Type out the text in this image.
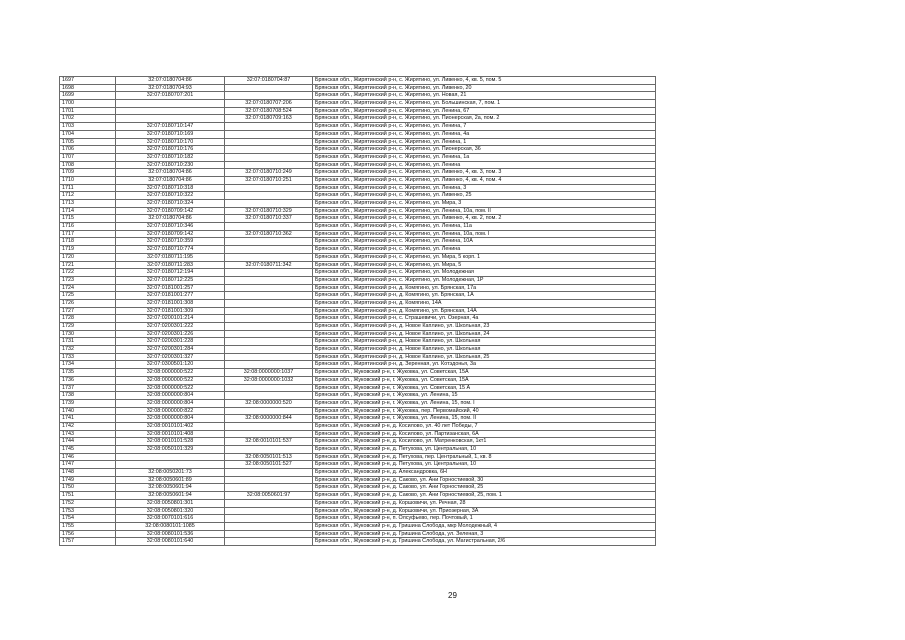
1697	32:07:0180704:86	32:07:0180704:87	Брянская обл., Жирятинский р-н, с. Жирятино, ул. Ливенко, 4, кв. 5, пом. 5	
1698	32:07:0180704:93		Брянская обл., Жирятинский р-н, с. Жирятино, ул. Ливенко, 20	
1699	32:07:0180707:201		Брянская обл., Жирятинский р-н, с. Жирятино, ул. Новая, 21	
1700		32:07:0180707:206	Брянская обл., Жирятинский р-н, с. Жирятино, ул. Большинская, 7, пом. 1	
1701		32:07:0180708:524	Брянская обл., Жирятинский р-н, с. Жирятино, ул. Ленина, 67	
1702		32:07:0180709:163	Брянская обл., Жирятинский р-н, с. Жирятино, ул. Пионерская, 2а, пом. 2	
1703	32:07:0180710:147		Брянская обл., Жирятинский р-н, с. Жирятино, ул. Ленина, 7	
1704	32:07:0180710:169		Брянская обл., Жирятинский р-н, с. Жирятино, ул. Ленина, 4а	
1705	32:07:0180710:170		Брянская обл., Жирятинский р-н, с. Жирятино, ул. Ленина, 1	
1706	32:07:0180710:176		Брянская обл., Жирятинский р-н, с. Жирятино, ул. Пионерская, 36	
1707	32:07:0180710:182		Брянская обл., Жирятинский р-н, с. Жирятино, ул. Ленина, 1а	
1708	32:07:0180710:230		Брянская обл., Жирятинский р-н, с. Жирятино, ул. Ленина	
1709	32:07:0180704:86	32:07:0180710:249	Брянская обл., Жирятинский р-н, с. Жирятино, ул. Ливенко, 4, кв. 3, пом. 3	
1710	32:07:0180704:86	32:07:0180710:251	Брянская обл., Жирятинский р-н, с. Жирятино, ул. Ливенко, 4, кв. 4, пом. 4	
1711	32:07:0180710:318		Брянская обл., Жирятинский р-н, с. Жирятино, ул. Ленина, 3	
1712	32:07:0180710:322		Брянская обл., Жирятинский р-н, с. Жирятино, ул. Ливенко, 25	
1713	32:07:0180710:324		Брянская обл., Жирятинский р-н, с. Жирятино, ул. Мира, 3	
1714	32:07:0180709:142	32:07:0180710:329	Брянская обл., Жирятинский р-н, с. Жирятино, ул. Ленина, 10а, пом. II	
1715	32:07:0180704:86	32:07:0180710:337	Брянская обл., Жирятинский р-н, с. Жирятино, ул. Ливенко, 4, кв. 2, пом. 2	
1716	32:07:0180710:346		Брянская обл., Жирятинский р-н, с. Жирятино, ул. Ленина, 11а	
1717	32:07:0180709:142	32:07:0180710:362	Брянская обл., Жирятинский р-н, с. Жирятино, ул. Ленина, 10а, пом. I	
1718	32:07:0180710:359		Брянская обл., Жирятинский р-н, с. Жирятино, ул. Ленина, 10А	
1719	32:07:0180710:774		Брянская обл., Жирятинский р-н, с. Жирятино, ул. Ленина	
1720	32:07:0180711:195		Брянская обл., Жирятинский р-н, с. Жирятино, ул. Мира, 5 корп. 1	
1721	32:07:0180711:283	32:07:0180711:342	Брянская обл., Жирятинский р-н, с. Жирятино, ул. Мира, 5	
1722	32:07:0180712:194		Брянская обл., Жирятинский р-н, с. Жирятино, ул. Молодежная	
1723	32:07:0180712:225		Брянская обл., Жирятинский р-н, с. Жирятино, ул. Молодежная, 1Р	
1724	32:07:0181001:257		Брянская обл., Жирятинский р-н, д. Комягино, ул. Брянская, 17а	
1725	32:07:0181001:277		Брянская обл., Жирятинский р-н, д. Комягино, ул. Брянская, 1А	
1726	32:07:0181001:308		Брянская обл., Жирятинский р-н, д. Комягино, 14А	
1727	32:07:0181001:309		Брянская обл., Жирятинский р-н, д. Комягино, ул. Брянская, 14А	
1728	32:07:0200101:214		Брянская обл., Жирятинский р-н, с. Страшевичи, ул. Озерная, 4а	
1729	32:07:0200301:222		Брянская обл., Жирятинский р-н, д. Новое Каплино, ул. Школьная, 23	
1730	32:07:0200301:226		Брянская обл., Жирятинский р-н, д. Новое Каплино, ул. Школьная, 24	
1731	32:07:0200301:228		Брянская обл., Жирятинский р-н, д. Новое Каплино, ул. Школьная	
1732	32:07:0200301:284		Брянская обл., Жирятинский р-н, д. Новое Каплино, ул. Школьная	
1733	32:07:0200301:327		Брянская обл., Жирятинский р-н, д. Новое Каплино, ул. Школьная, 25	
1734	32:07:0300501:120		Брянская обл., Жирятинский р-н, д. Зеренная, ул. Котэдонья, 3а	
1735	32:08:0000000:522	32:08:0000000:1037	Брянская обл., Жуковский р-н, г. Жуковка, ул. Советская, 15А	
1736	32:08:0000000:522	32:08:0000000:1032	Брянская обл., Жуковский р-н, г. Жуковка, ул. Советская, 15А	
1737	32:08:0000000:522		Брянская обл., Жуковский р-н, г. Жуковка, ул. Советская, 15 А	
1738	32:08:0000000:804		Брянская обл., Жуковский р-н, г. Жуковка, ул. Ленина, 15	
1739	32:08:0000000:804	32:08:0000000:520	Брянская обл., Жуковский р-н, г. Жуковка, ул. Ленина, 15, пом. I	
1740	32:08:0000000:822		Брянская обл., Жуковский р-н, г. Жуковка, пер. Первомайский, 40	
1741	32:08:0000000:804	32:08:0000000:844	Брянская обл., Жуковский р-н, г. Жуковка, ул. Ленина, 15, пом. II	
1742	32:08:0010101:402		Брянская обл., Жуковский р-н, д. Косилово, ул. 40 лет Победы, 7	
1743	32:08:0010101:408		Брянская обл., Жуковский р-н, д. Косилово, ул. Партизанская, 6А	
1744	32:08:0010101:528	32:08:0010101:537	Брянская обл., Жуковский р-н, д. Косилово, ул. Матренковская, 1кт1	
1745	32:08:0050101:329		Брянская обл., Жуковский р-н, д. Петухова, ул. Центральная, 10	
1746		32:08:0050101:513	Брянская обл., Жуковский р-н, д. Петухова, пер. Центральный, 1, кв. 8	
1747		32:08:0050101:527	Брянская обл., Жуковский р-н, д. Петухова, ул. Центральная, 10	
1748	32:08:0050201:73		Брянская обл., Жуковский р-н, д. Александровка, 6Н	
1749	32:08:0050601:89		Брянская обл., Жуковский р-н, д. Саково, ул. Ани Горностиевой, 30	
1750	32:08:0050601:94		Брянская обл., Жуковский р-н, д. Саково, ул. Ани Горностиевой, 25	
1751	32:08:0050601:94	32:08:0050601:97	Брянская обл., Жуковский р-н, д. Саково, ул. Ани Горностиевой, 25, пом. 1	
1752	32:08:0050801:301		Брянская обл., Жуковский р-н, д. Коршовичи, ул. Речная, 28	
1753	32:08:0050801:320		Брянская обл., Жуковский р-н, д. Коршовичи, ул. Приозерная, 3А	
1754	32:08:0070101:616		Брянская обл., Жуковский р-н, п. Олсуфьево, пер. Почтовый, 1	
1755	32:08:0080101:1085		Брянская обл., Жуковский р-н, д. Гришина Слобода, мкр Молодежный, 4	
1756	32:08:0080101:536		Брянская обл., Жуковский р-н, д. Гришина Слобода, ул. Зеленая, 3	
1757	32:08:0080101:640		Брянская обл., Жуковский р-н, д. Гришина Слобода, ул. Магистральная, 2/6	
29
